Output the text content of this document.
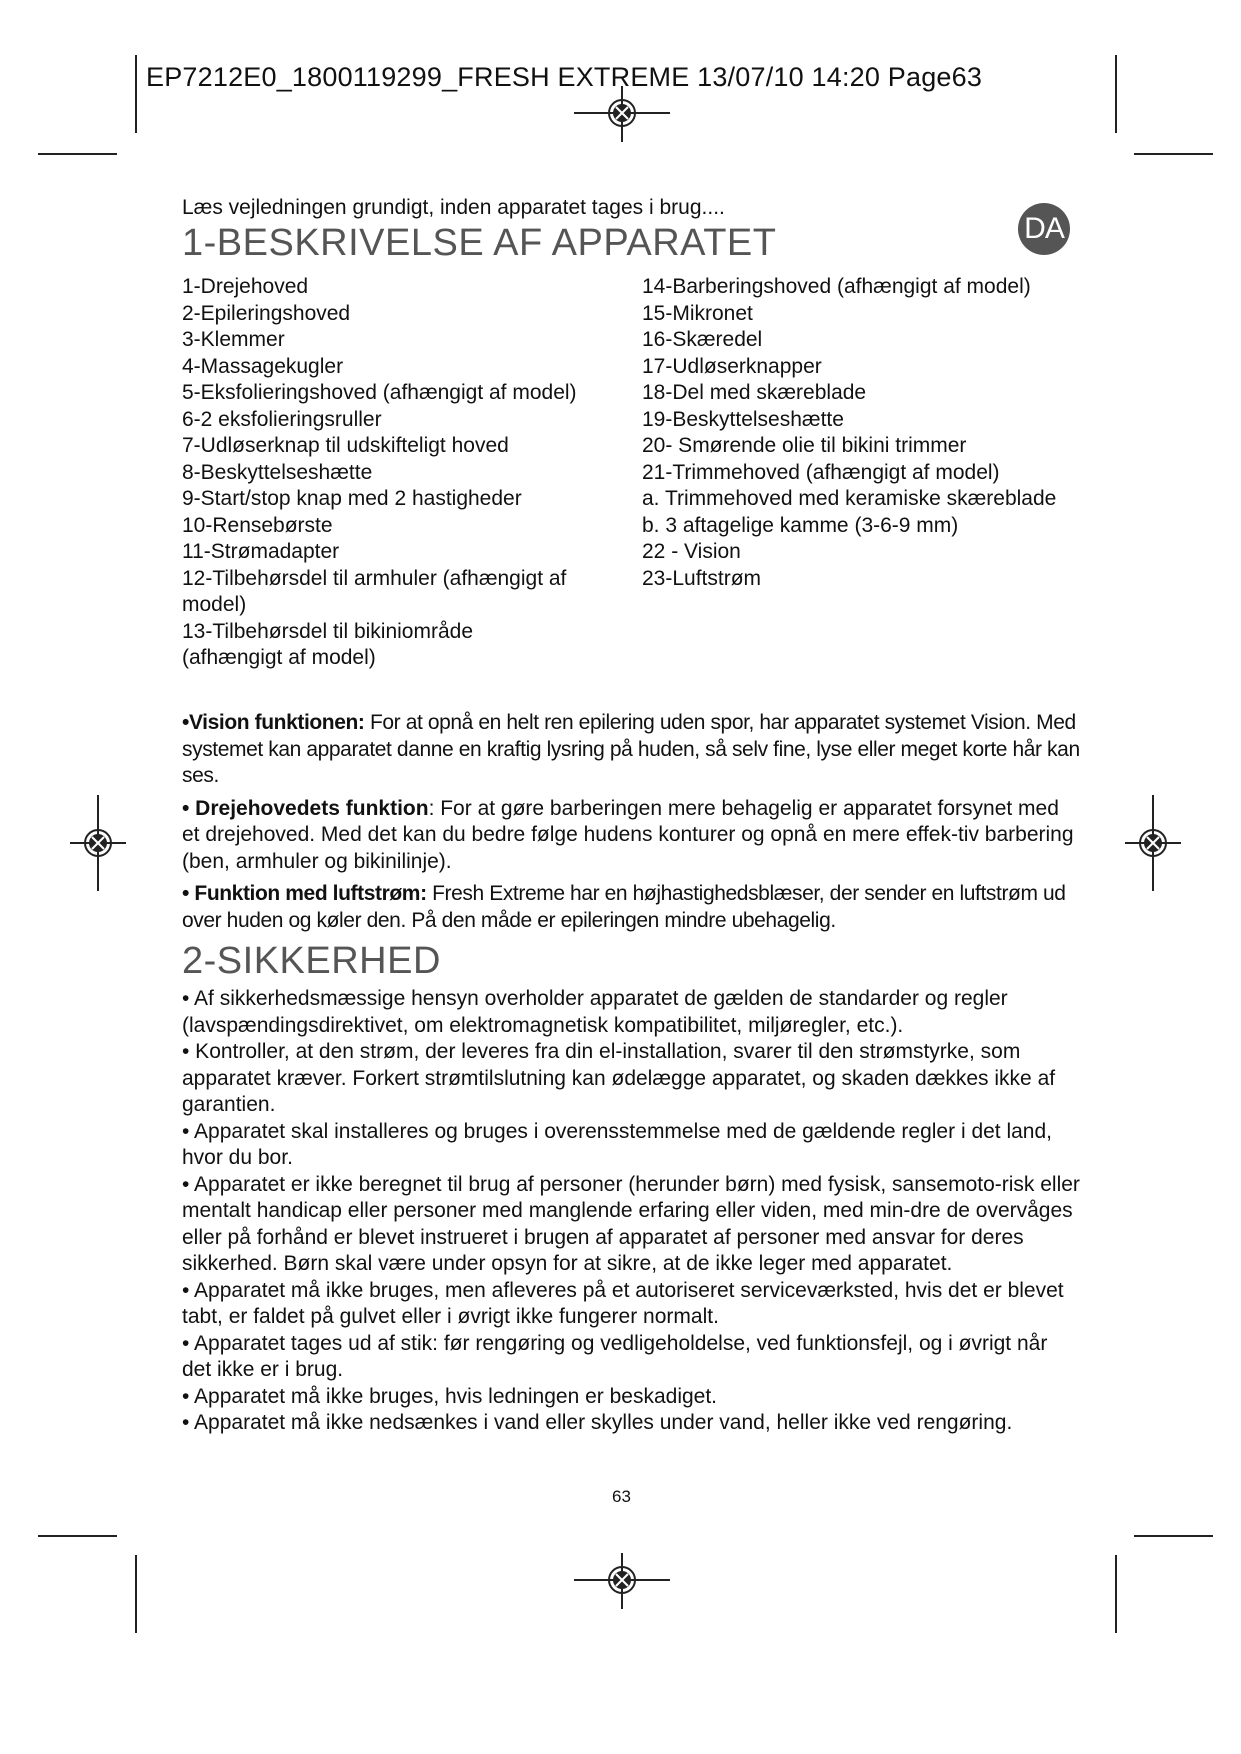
EP7212E0_1800119299_FRESH EXTREME 13/07/10 14:20 Page63
Læs vejledningen grundigt, inden apparatet tages i brug....
DA
1-BESKRIVELSE AF APPARATET
1-Drejehoved
2-Epileringshoved
3-Klemmer
4-Massagekugler
5-Eksfolieringshoved (afhængigt af model)
6-2 eksfolieringsruller
7-Udløserknap til udskifteligt hoved
8-Beskyttelseshætte
9-Start/stop knap med 2 hastigheder
10-Rensebørste
11-Strømadapter
12-Tilbehørsdel til armhuler (afhængigt af
model)
13-Tilbehørsdel til bikiniområde
(afhængigt af model)
14-Barberingshoved (afhængigt af model)
15-Mikronet
16-Skæredel
17-Udløserknapper
18-Del med skæreblade
19-Beskyttelseshætte
20- Smørende olie til bikini trimmer
21-Trimmehoved (afhængigt af model)
a. Trimmehoved med keramiske skæreblade
b. 3 aftagelige kamme (3-6-9 mm)
22 - Vision
23-Luftstrøm

•Vision funktionen: For at opnå en helt ren epilering uden spor, har apparatet systemet Vision. Med systemet kan apparatet danne en kraftig lysring på huden, så selv fine, lyse eller meget korte hår kan ses.

• Drejehovedets funktion: For at gøre barberingen mere behagelig er apparatet forsynet med et drejehoved. Med det kan du bedre følge hudens konturer og opnå en mere effek-tiv barbering (ben, armhuler og bikinilinje).

• Funktion med luftstrøm: Fresh Extreme har en højhastighedsblæser, der sender en luftstrøm ud over huden og køler den. På den måde er epileringen mindre ubehagelig.

2-SIKKERHED

• Af sikkerhedsmæssige hensyn overholder apparatet de gælden de standarder og regler (lavspændingsdirektivet, om elektromagnetisk kompatibilitet, miljøregler, etc.).

• Kontroller, at den strøm, der leveres fra din el-installation, svarer til den strømstyrke, som apparatet kræver. Forkert strømtilslutning kan ødelægge apparatet, og skaden dækkes ikke af garantien.

• Apparatet skal installeres og bruges i overensstemmelse med de gældende regler i det land, hvor du bor.

• Apparatet er ikke beregnet til brug af personer (herunder børn) med fysisk, sansemoto-risk eller mentalt handicap eller personer med manglende erfaring eller viden, med min-dre de overvåges eller på forhånd er blevet instrueret i brugen af apparatet af personer med ansvar for deres sikkerhed. Børn skal være under opsyn for at sikre, at de ikke leger med apparatet.

• Apparatet må ikke bruges, men afleveres på et autoriseret serviceværksted, hvis det er blevet tabt, er faldet på gulvet eller i øvrigt ikke fungerer normalt.

• Apparatet tages ud af stik: før rengøring og vedligeholdelse, ved funktionsfejl, og i øvrigt når det ikke er i brug.

• Apparatet må ikke bruges, hvis ledningen er beskadiget.

• Apparatet må ikke nedsænkes i vand eller skylles under vand, heller ikke ved rengøring.

63
